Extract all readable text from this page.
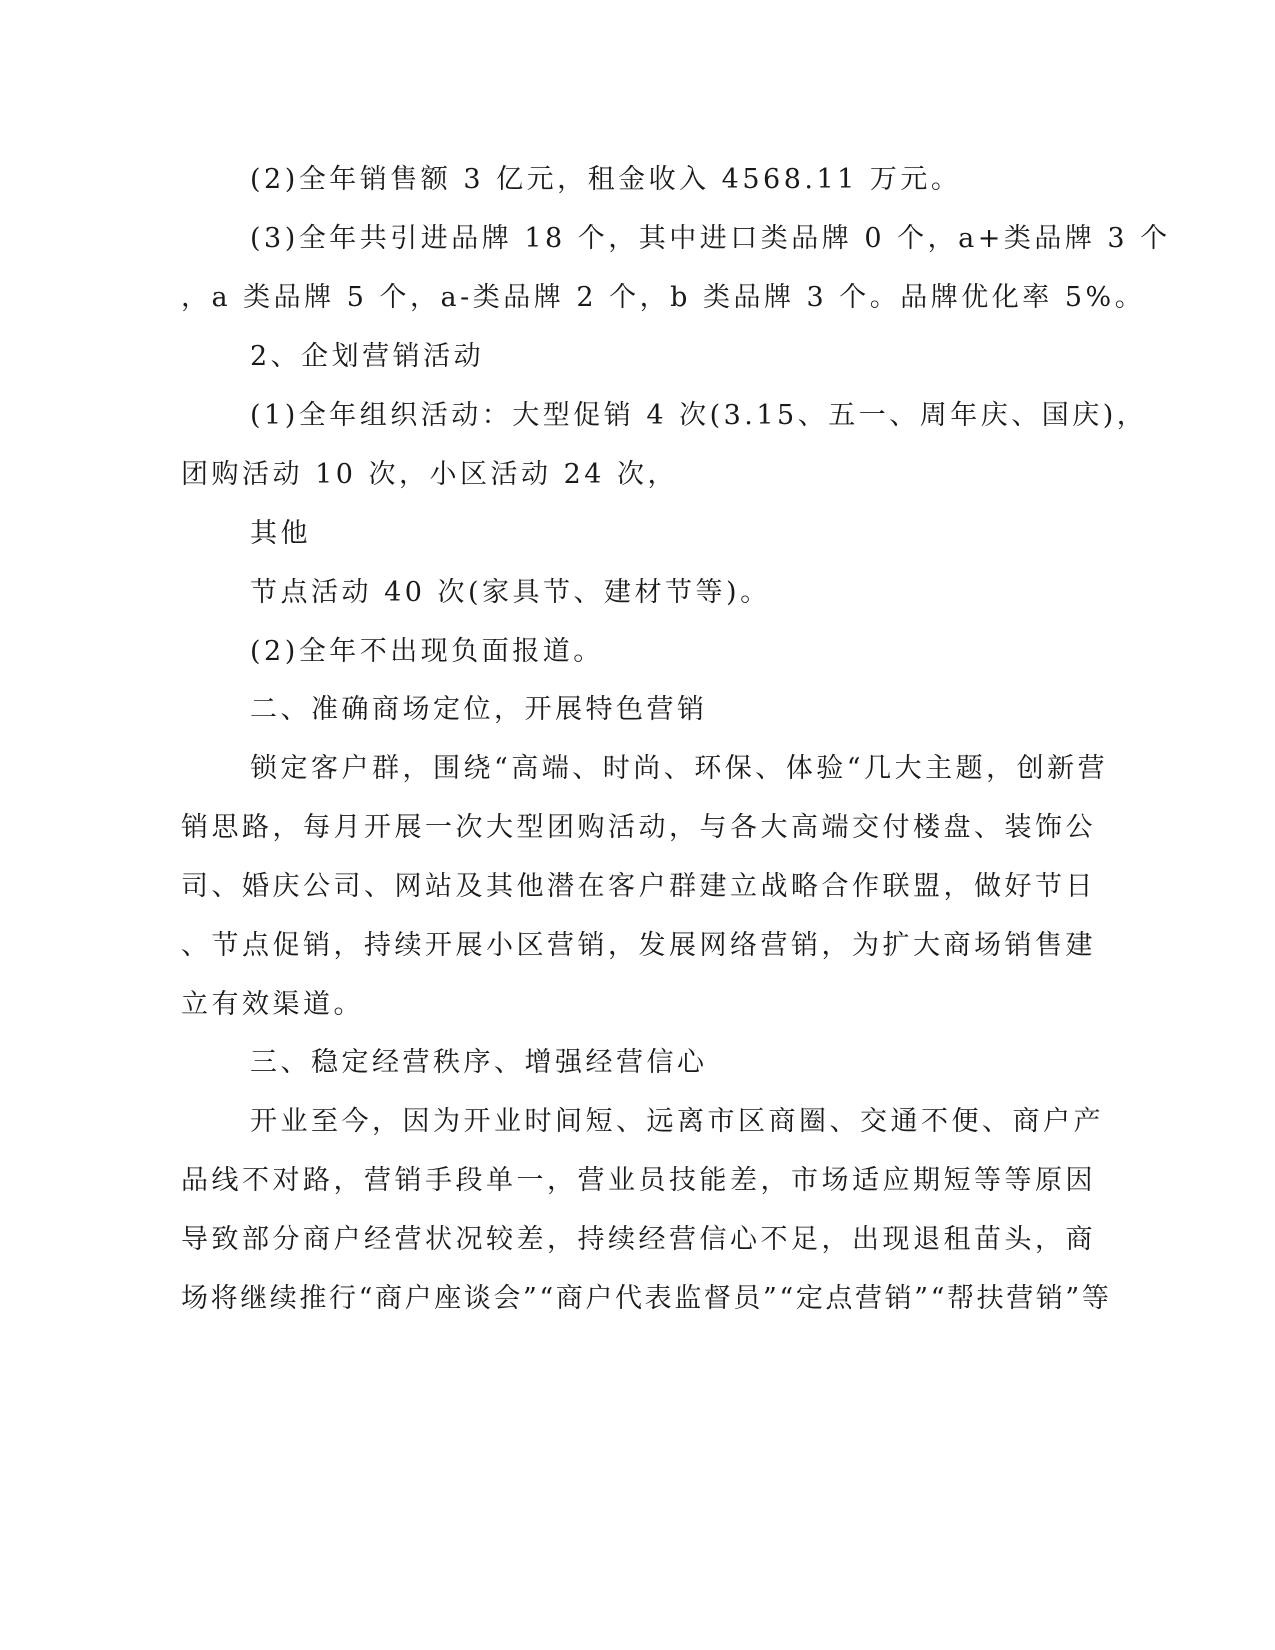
(2)全年销售额 3 亿元，租金收入 4568.11 万元。
(3)全年共引进品牌 18 个，其中进口类品牌 0 个，a+类品牌 3 个
，a 类品牌 5 个，a-类品牌 2 个，b 类品牌 3 个。品牌优化率 5%。
2、企划营销活动
(1)全年组织活动：大型促销 4 次(3.15、五一、周年庆、国庆)，
团购活动 10 次，小区活动 24 次，
其他
节点活动 40 次(家具节、建材节等)。
(2)全年不出现负面报道。
二、准确商场定位，开展特色营销
锁定客户群，围绕“高端、时尚、环保、体验“几大主题，创新营
销思路，每月开展一次大型团购活动，与各大高端交付楼盘、装饰公
司、婚庆公司、网站及其他潜在客户群建立战略合作联盟，做好节日
、节点促销，持续开展小区营销，发展网络营销，为扩大商场销售建
立有效渠道。
三、稳定经营秩序、增强经营信心
开业至今，因为开业时间短、远离市区商圈、交通不便、商户产
品线不对路，营销手段单一，营业员技能差，市场适应期短等等原因
导致部分商户经营状况较差，持续经营信心不足，出现退租苗头，商
场将继续推行“商户座谈会”“商户代表监督员”“定点营销”“帮扶营销”等
